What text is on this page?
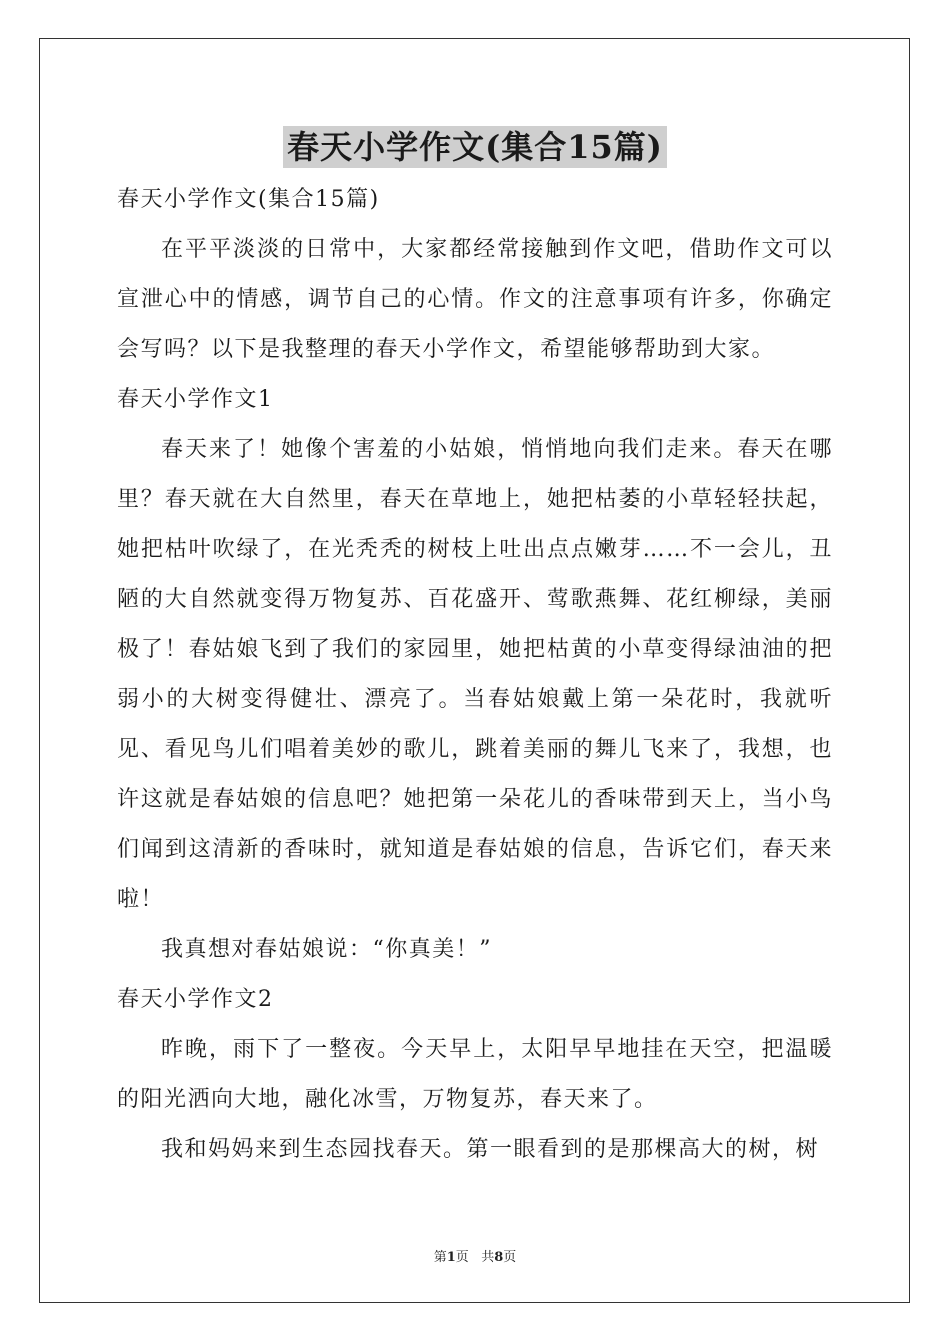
春天小学作文(集合15篇)

春天小学作文(集合15篇)

在平平淡淡的日常中，大家都经常接触到作文吧，借助作文可以宣泄心中的情感，调节自己的心情。作文的注意事项有许多，你确定会写吗？以下是我整理的春天小学作文，希望能够帮助到大家。

春天小学作文1

春天来了！她像个害羞的小姑娘，悄悄地向我们走来。春天在哪里？春天就在大自然里，春天在草地上，她把枯萎的小草轻轻扶起，她把枯叶吹绿了，在光秃秃的树枝上吐出点点嫩芽……不一会儿，丑陋的大自然就变得万物复苏、百花盛开、莺歌燕舞、花红柳绿，美丽极了！春姑娘飞到了我们的家园里，她把枯黄的小草变得绿油油的把弱小的大树变得健壮、漂亮了。当春姑娘戴上第一朵花时，我就听见、看见鸟儿们唱着美妙的歌儿，跳着美丽的舞儿飞来了，我想，也许这就是春姑娘的信息吧？她把第一朵花儿的香味带到天上，当小鸟们闻到这清新的香味时，就知道是春姑娘的信息，告诉它们，春天来啦！

我真想对春姑娘说：“你真美！”

春天小学作文2

昨晚，雨下了一整夜。今天早上，太阳早早地挂在天空，把温暖的阳光洒向大地，融化冰雪，万物复苏，春天来了。

我和妈妈来到生态园找春天。第一眼看到的是那棵高大的树，树

第1页 共8页
